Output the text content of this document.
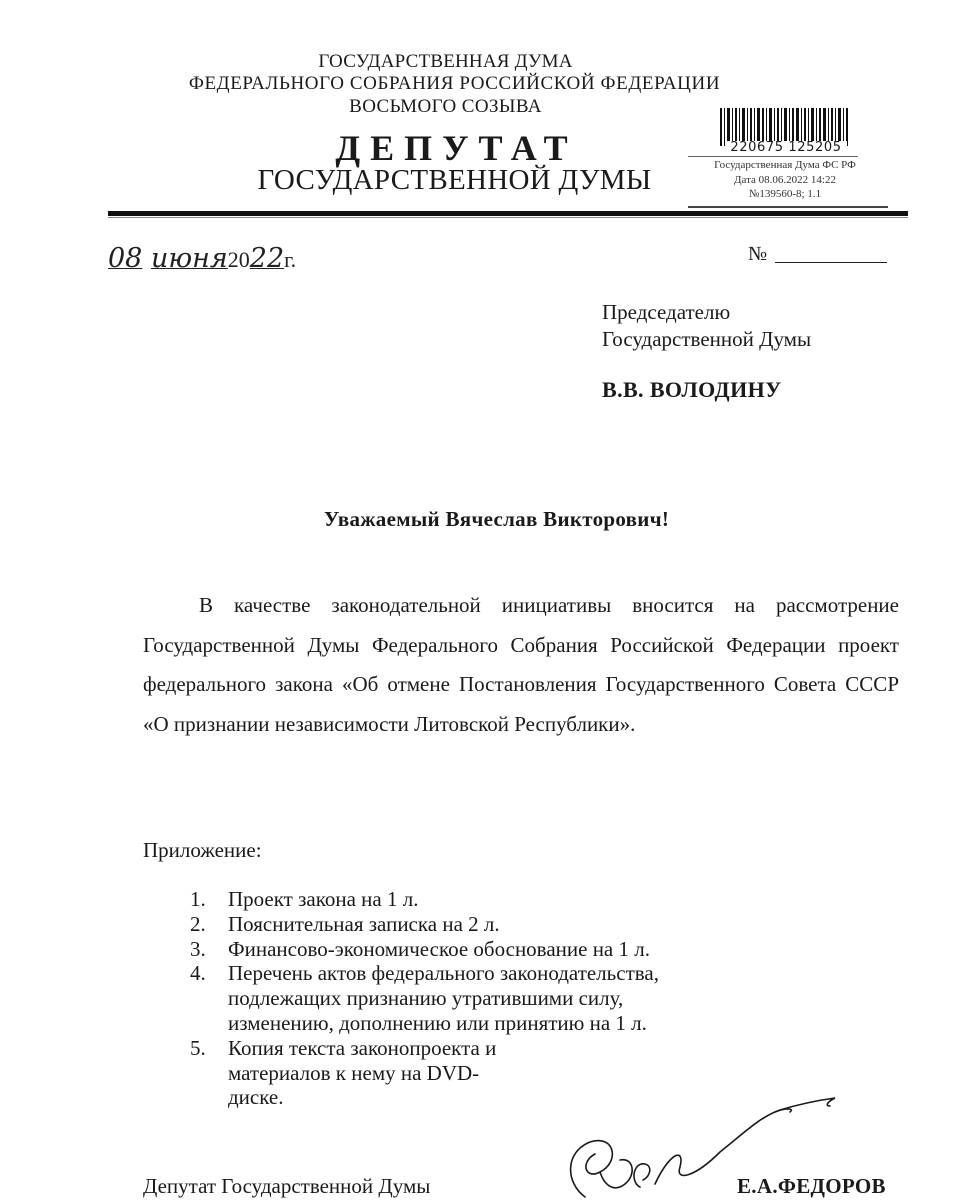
ГОСУДАРСТВЕННАЯ ДУМА
ФЕДЕРАЛЬНОГО СОБРАНИЯ РОССИЙСКОЙ ФЕДЕРАЦИИ
ВОСЬМОГО СОЗЫВА
ДЕПУТАТ
ГОСУДАРСТВЕННОЙ ДУМЫ
220675 125205
Государственная Дума ФС РФ
Дата 08.06.2022 14:22
№139560-8; 1.1
08 июня2022г.	№
Председателю
Государственной Думы
В.В. ВОЛОДИНУ
Уважаемый Вячеслав Викторович!
В качестве законодательной инициативы вносится на рассмотрение Государственной Думы Федерального Собрания Российской Федерации проект федерального закона «Об отмене Постановления Государственного Совета СССР «О признании независимости Литовской Республики».
Приложение:
1. Проект закона на 1 л.
2. Пояснительная записка на 2 л.
3. Финансово-экономическое обоснование на 1 л.
4. Перечень актов федерального законодательства, подлежащих признанию утратившими силу, изменению, дополнению или принятию на 1 л.
5. Копия текста законопроекта и материалов к нему на DVD-диске.
Депутат Государственной Думы	Е.А.ФЕДОРОВ
